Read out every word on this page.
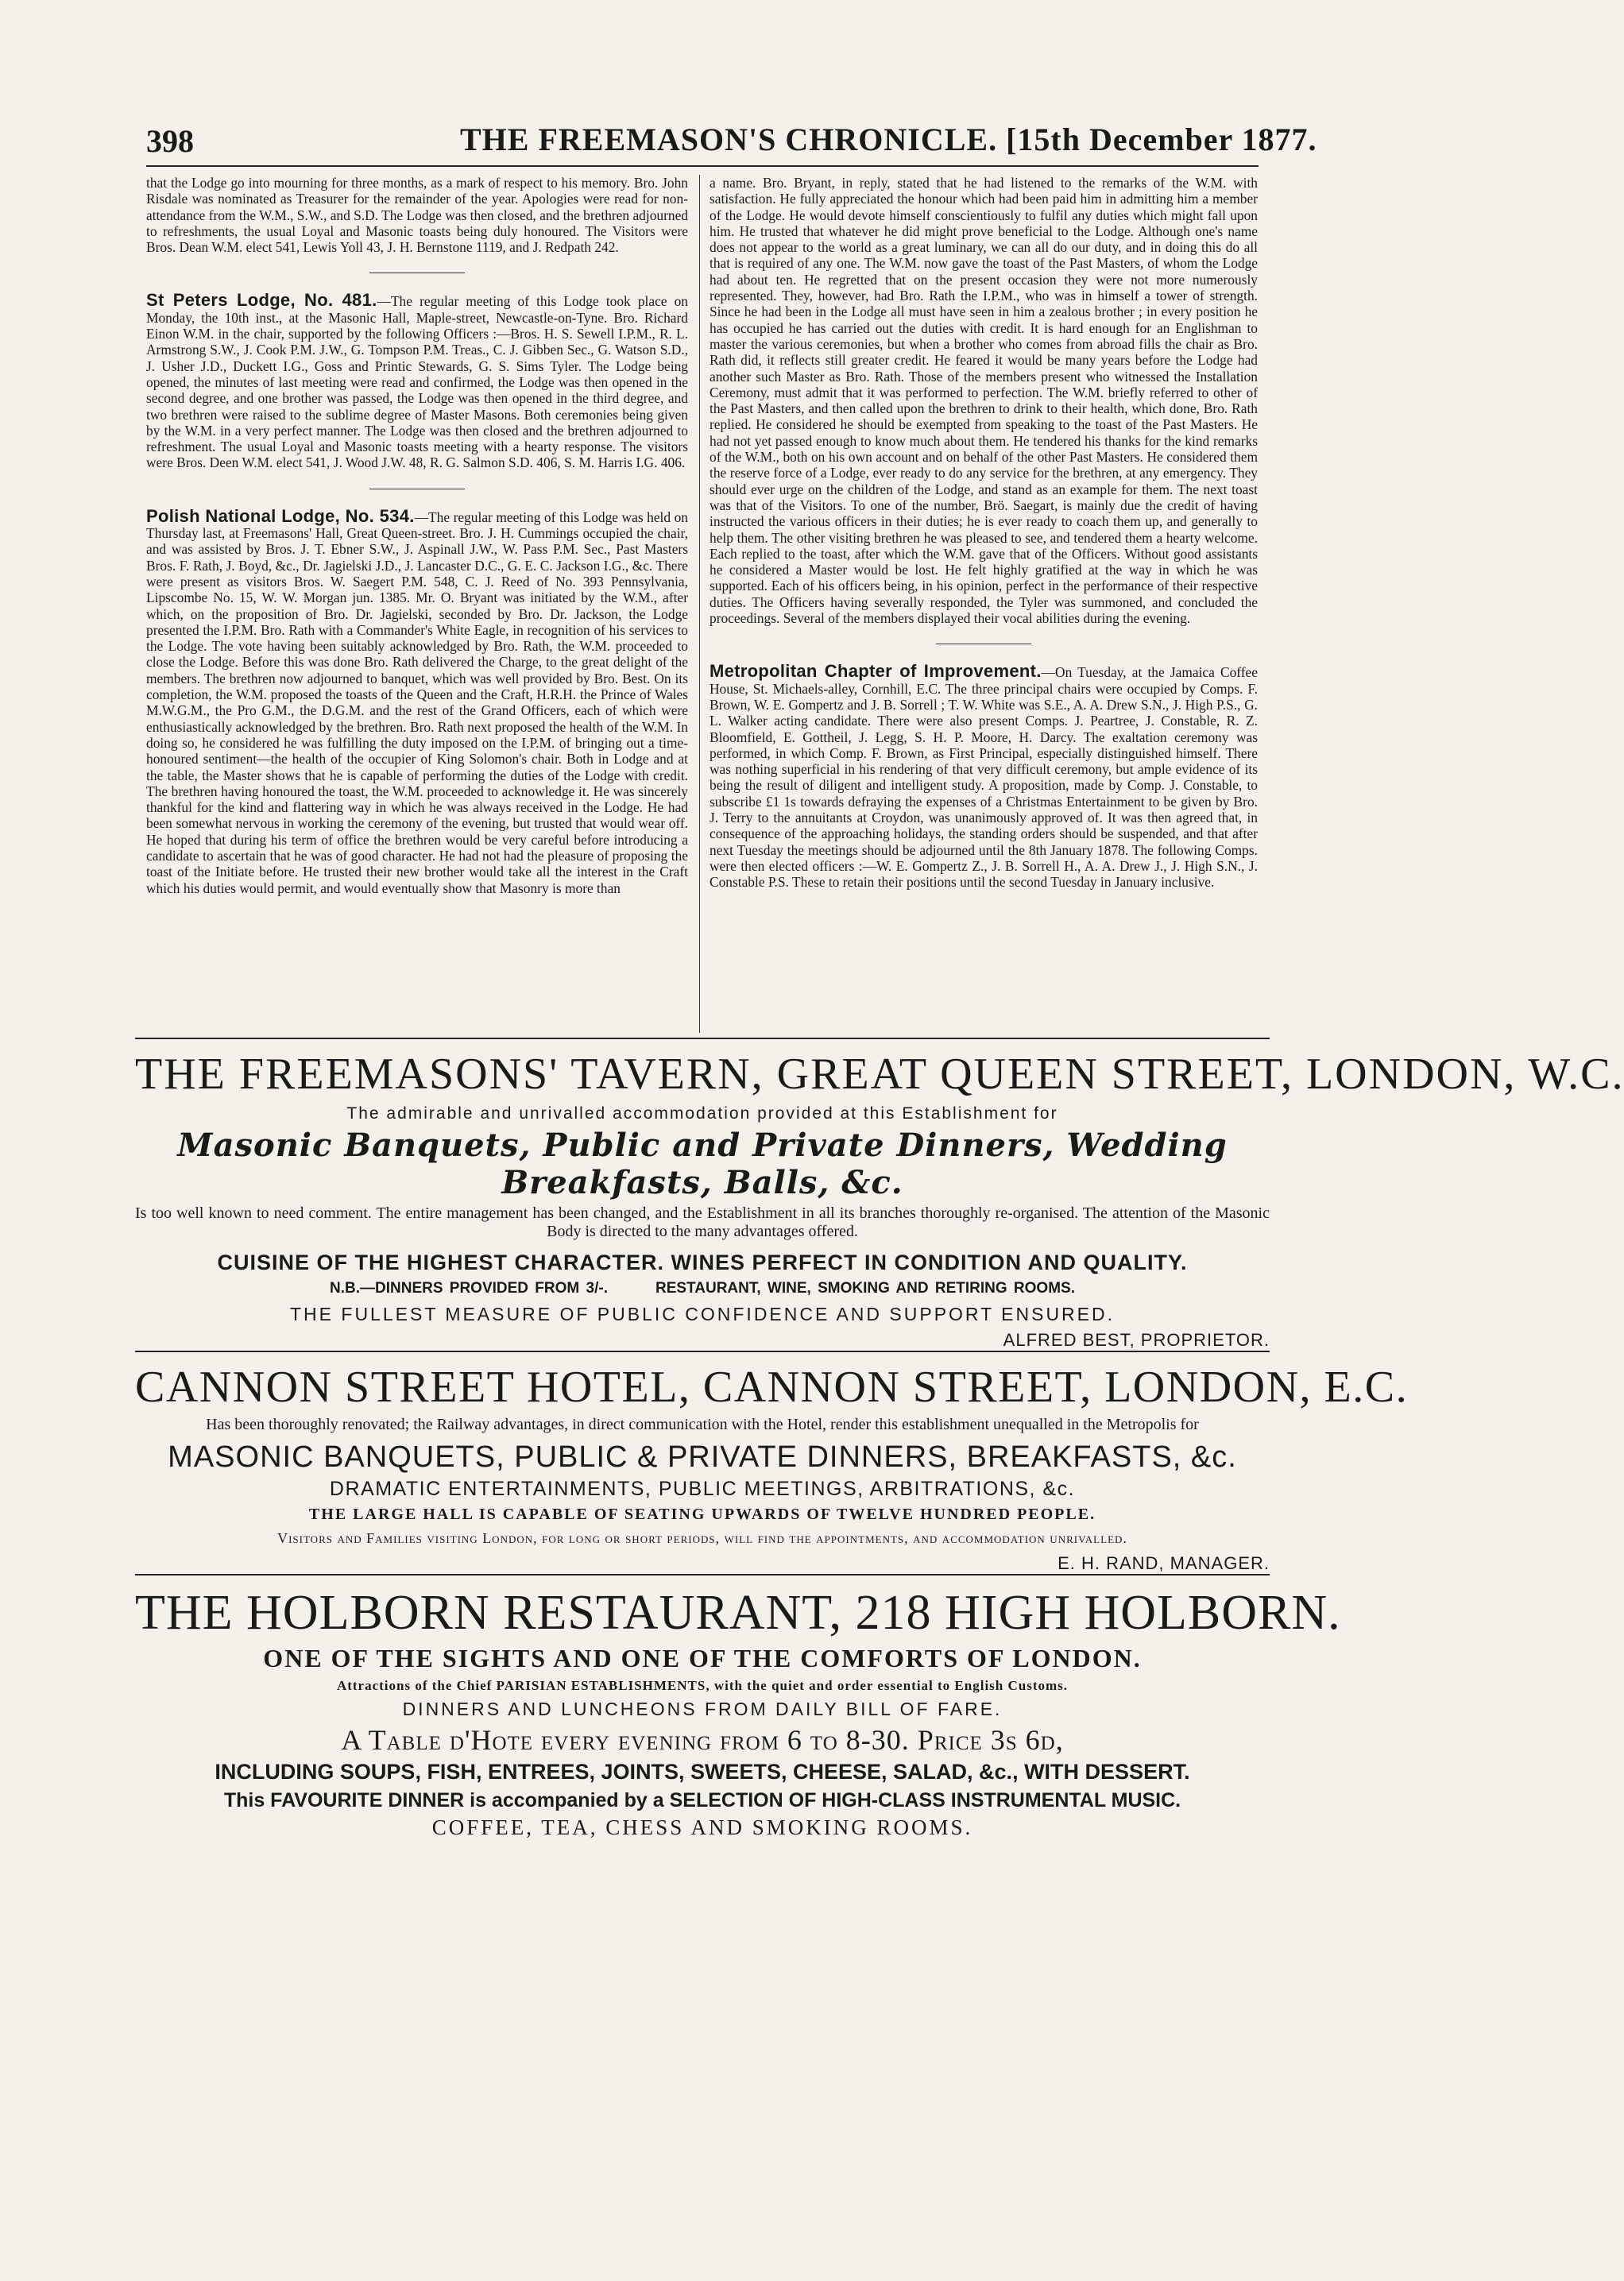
398	THE FREEMASON'S CHRONICLE. [15th December 1877.

that the Lodge go into mourning for three months, as a mark of respect to his memory. Bro. John Risdale was nominated as Treasurer for the remainder of the year. Apologies were read for non-attendance from the W.M., S.W., and S.D. The Lodge was then closed, and the brethren adjourned to refreshments, the usual Loyal and Masonic toasts being duly honoured. The Visitors were Bros. Dean W.M. elect 541, Lewis Yoll 43, J. H. Bernstone 1119, and J. Redpath 242.

St Peters Lodge, No. 481.—The regular meeting of this Lodge took place on Monday, the 10th inst., at the Masonic Hall, Maple-street, Newcastle-on-Tyne. Bro. Richard Einon W.M. in the chair, supported by the following Officers :—Bros. H. S. Sewell I.P.M., R. L. Armstrong S.W., J. Cook P.M. J.W., G. Tompson P.M. Treas., C. J. Gibben Sec., G. Watson S.D., J. Usher J.D., Duckett I.G., Goss and Printic Stewards, G. S. Sims Tyler. The Lodge being opened, the minutes of last meeting were read and confirmed, the Lodge was then opened in the second degree, and one brother was passed, the Lodge was then opened in the third degree, and two brethren were raised to the sublime degree of Master Masons. Both ceremonies being given by the W.M. in a very perfect manner. The Lodge was then closed and the brethren adjourned to refreshment. The usual Loyal and Masonic toasts meeting with a hearty response. The visitors were Bros. Deen W.M. elect 541, J. Wood J.W. 48, R. G. Salmon S.D. 406, S. M. Harris I.G. 406.

Polish National Lodge, No. 534.—The regular meeting of this Lodge was held on Thursday last, at Freemasons' Hall, Great Queen-street. Bro. J. H. Cummings occupied the chair, and was assisted by Bros. J. T. Ebner S.W., J. Aspinall J.W., W. Pass P.M. Sec., Past Masters Bros. F. Rath, J. Boyd, &c., Dr. Jagielski J.D., J. Lancaster D.C., G. E. C. Jackson I.G., &c. There were present as visitors Bros. W. Saegert P.M. 548, C. J. Reed of No. 393 Pennsylvania, Lipscombe No. 15, W. W. Morgan jun. 1385. Mr. O. Bryant was initiated by the W.M., after which, on the proposition of Bro. Dr. Jagielski, seconded by Bro. Dr. Jackson, the Lodge presented the I.P.M. Bro. Rath with a Commander's White Eagle, in recognition of his services to the Lodge. The vote having been suitably acknowledged by Bro. Rath, the W.M. proceeded to close the Lodge. Before this was done Bro. Rath delivered the Charge, to the great delight of the members. The brethren now adjourned to banquet, which was well provided by Bro. Best. On its completion, the W.M. proposed the toasts of the Queen and the Craft, H.R.H. the Prince of Wales M.W.G.M., the Pro G.M., the D.G.M. and the rest of the Grand Officers, each of which were enthusiastically acknowledged by the brethren. Bro. Rath next proposed the health of the W.M. In doing so, he considered he was fulfilling the duty imposed on the I.P.M. of bringing out a time-honoured sentiment—the health of the occupier of King Solomon's chair. Both in Lodge and at the table, the Master shows that he is capable of performing the duties of the Lodge with credit. The brethren having honoured the toast, the W.M. proceeded to acknowledge it. He was sincerely thankful for the kind and flattering way in which he was always received in the Lodge. He had been somewhat nervous in working the ceremony of the evening, but trusted that would wear off. He hoped that during his term of office the brethren would be very careful before introducing a candidate to ascertain that he was of good character. He had not had the pleasure of proposing the toast of the Initiate before. He trusted their new brother would take all the interest in the Craft which his duties would permit, and would eventually show that Masonry is more than

a name. Bro. Bryant, in reply, stated that he had listened to the remarks of the W.M. with satisfaction. He fully appreciated the honour which had been paid him in admitting him a member of the Lodge. He would devote himself conscientiously to fulfil any duties which might fall upon him. He trusted that whatever he did might prove beneficial to the Lodge. Although one's name does not appear to the world as a great luminary, we can all do our duty, and in doing this do all that is required of any one. The W.M. now gave the toast of the Past Masters, of whom the Lodge had about ten. He regretted that on the present occasion they were not more numerously represented. They, however, had Bro. Rath the I.P.M., who was in himself a tower of strength. Since he had been in the Lodge all must have seen in him a zealous brother ; in every position he has occupied he has carried out the duties with credit. It is hard enough for an Englishman to master the various ceremonies, but when a brother who comes from abroad fills the chair as Bro. Rath did, it reflects still greater credit. He feared it would be many years before the Lodge had another such Master as Bro. Rath. Those of the members present who witnessed the Installation Ceremony, must admit that it was performed to perfection. The W.M. briefly referred to other of the Past Masters, and then called upon the brethren to drink to their health, which done, Bro. Rath replied. He considered he should be exempted from speaking to the toast of the Past Masters. He had not yet passed enough to know much about them. He tendered his thanks for the kind remarks of the W.M., both on his own account and on behalf of the other Past Masters. He considered them the reserve force of a Lodge, ever ready to do any service for the brethren, at any emergency. They should ever urge on the children of the Lodge, and stand as an example for them. The next toast was that of the Visitors. To one of the number, Brö. Saegart, is mainly due the credit of having instructed the various officers in their duties; he is ever ready to coach them up, and generally to help them. The other visiting brethren he was pleased to see, and tendered them a hearty welcome. Each replied to the toast, after which the W.M. gave that of the Officers. Without good assistants he considered a Master would be lost. He felt highly gratified at the way in which he was supported. Each of his officers being, in his opinion, perfect in the performance of their respective duties. The Officers having severally responded, the Tyler was summoned, and concluded the proceedings. Several of the members displayed their vocal abilities during the evening.

Metropolitan Chapter of Improvement.—On Tuesday, at the Jamaica Coffee House, St. Michaels-alley, Cornhill, E.C. The three principal chairs were occupied by Comps. F. Brown, W. E. Gompertz and J. B. Sorrell ; T. W. White was S.E., A. A. Drew S.N., J. High P.S., G. L. Walker acting candidate. There were also present Comps. J. Peartree, J. Constable, R. Z. Bloomfield, E. Gottheil, J. Legg, S. H. P. Moore, H. Darcy. The exaltation ceremony was performed, in which Comp. F. Brown, as First Principal, especially distinguished himself. There was nothing superficial in his rendering of that very difficult ceremony, but ample evidence of its being the result of diligent and intelligent study. A proposition, made by Comp. J. Constable, to subscribe £1 1s towards defraying the expenses of a Christmas Entertainment to be given by Bro. J. Terry to the annuitants at Croydon, was unanimously approved of. It was then agreed that, in consequence of the approaching holidays, the standing orders should be suspended, and that after next Tuesday the meetings should be adjourned until the 8th January 1878. The following Comps. were then elected officers :—W. E. Gompertz Z., J. B. Sorrell H., A. A. Drew J., J. High S.N., J. Constable P.S. These to retain their positions until the second Tuesday in January inclusive.

THE FREEMASONS' TAVERN, GREAT QUEEN STREET, LONDON, W.C.
The admirable and unrivalled accommodation provided at this Establishment for
Masonic Banquets, Public and Private Dinners, Wedding Breakfasts, Balls, &c.
Is too well known to need comment. The entire management has been changed, and the Establishment in all its branches thoroughly re-organised. The attention of the Masonic Body is directed to the many advantages offered.
CUISINE OF THE HIGHEST CHARACTER. WINES PERFECT IN CONDITION AND QUALITY.
N.B.—DINNERS PROVIDED FROM 3/-.	RESTAURANT, WINE, SMOKING AND RETIRING ROOMS.
THE FULLEST MEASURE OF PUBLIC CONFIDENCE AND SUPPORT ENSURED.
ALFRED BEST, PROPRIETOR.
CANNON STREET HOTEL, CANNON STREET, LONDON, E.C.
Has been thoroughly renovated; the Railway advantages, in direct communication with the Hotel, render this establishment unequalled in the Metropolis for
MASONIC BANQUETS, PUBLIC & PRIVATE DINNERS, BREAKFASTS, &c.
DRAMATIC ENTERTAINMENTS, PUBLIC MEETINGS, ARBITRATIONS, &c.
THE LARGE HALL IS CAPABLE OF SEATING UPWARDS OF TWELVE HUNDRED PEOPLE.
Visitors and Families visiting London, for long or short periods, will find the appointments, and accommodation unrivalled.
E. H. RAND, MANAGER.
THE HOLBORN RESTAURANT, 218 HIGH HOLBORN.
ONE OF THE SIGHTS AND ONE OF THE COMFORTS OF LONDON.
Attractions of the Chief PARISIAN ESTABLISHMENTS, with the quiet and order essential to English Customs.
DINNERS AND LUNCHEONS FROM DAILY BILL OF FARE.
A Table d'Hote every evening from 6 to 8-30. Price 3s 6d,
INCLUDING SOUPS, FISH, ENTREES, JOINTS, SWEETS, CHEESE, SALAD, &c., WITH DESSERT.
This FAVOURITE DINNER is accompanied by a SELECTION OF HIGH-CLASS INSTRUMENTAL MUSIC.
COFFEE, TEA, CHESS AND SMOKING ROOMS.
